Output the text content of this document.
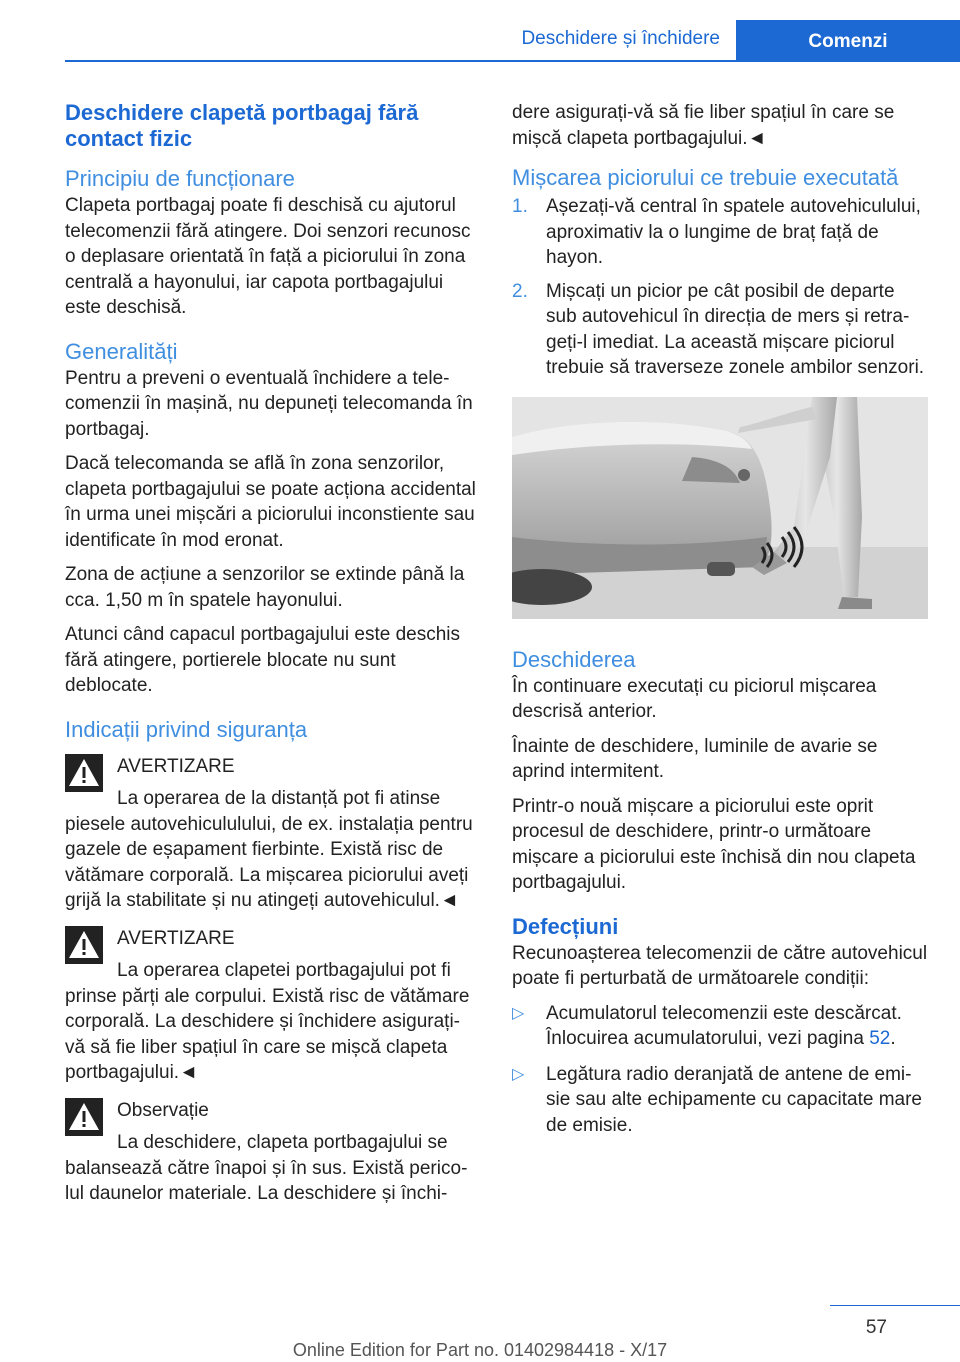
Deschidere și închidere	Comenzi
Deschidere clapetă portbagaj fără contact fizic
Principiu de funcționare

Clapeta portbagaj poate fi deschisă cu ajutorul telecomenzii fără atingere. Doi senzori recunosc o deplasare orientată în față a piciorului în zona centrală a hayonului, iar capota portbagajului este deschisă.

Generalități

Pentru a preveni o eventuală închidere a telecomenzii în mașină, nu depuneți telecomanda în portbagaj.

Dacă telecomanda se află în zona senzorilor, clapeta portbagajului se poate acționa accidental în urma unei mișcări a piciorului inconstiente sau identificate în mod eronat.

Zona de acțiune a senzorilor se extinde până la cca. 1,50 m în spatele hayonului.

Atunci când capacul portbagajului este deschis fără atingere, portierele blocate nu sunt deblocate.

Indicații privind siguranța
AVERTIZARE

La operarea de la distanță pot fi atinse piesele autovehicululului, de ex. instalația pentru gazele de eșapament fierbinte. Există risc de vătămare corporală. La mișcarea piciorului aveți grijă la stabilitate și nu atingeți autovehiculul.◄

AVERTIZARE

La operarea clapetei portbagajului pot fi prinse părți ale corpului. Există risc de vătămare corporală. La deschidere și închidere asigurați-vă să fie liber spațiul în care se mișcă clapeta portbagajului.◄

Observație

La deschidere, clapeta portbagajului se balansează către înapoi și în sus. Există pericolul daunelor materiale. La deschidere și închi-

dere asigurați-vă să fie liber spațiul în care se mișcă clapeta portbagajului.◄

Mișcarea piciorului ce trebuie executată
1. Așezați-vă central în spatele autovehiculului, aproximativ la o lungime de braț față de hayon.
2. Mișcați un picior pe cât posibil de departe sub autovehicul în direcția de mers și retrageți-l imediat. La această mișcare piciorul trebuie să traverseze zonele ambilor senzori.
Deschiderea

În continuare executați cu piciorul mișcarea descrisă anterior.

Înainte de deschidere, luminile de avarie se aprind intermitent.

Printr-o nouă mișcare a piciorului este oprit procesul de deschidere, printr-o următoare mișcare a piciorului este închisă din nou clapeta portbagajului.

Defecțiuni

Recunoașterea telecomenzii de către autovehicul poate fi perturbată de următoarele condiții:

▷ Acumulatorul telecomenzii este descărcat. Înlocuirea acumulatorului, vezi pagina 52.
▷ Legătura radio deranjată de antene de emisie sau alte echipamente cu capacitate mare de emisie.
57
Online Edition for Part no. 01402984418 - X/17
